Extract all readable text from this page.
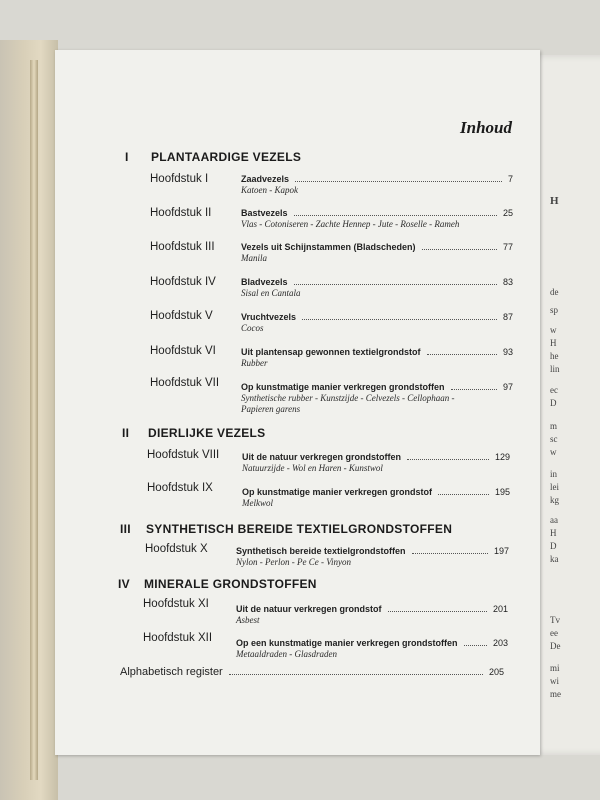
H
de
sp
w
H
he
lin
ec
D
m
sc
w
in
lei
kg
aa
H
D
ka
Tv
ee
De
mi
wi
me
Inhoud
I PLANTAARDIGE VEZELS
Hoofdstuk I	Zaadvezels	7
Katoen - Kapok
Hoofdstuk II	Bastvezels	25
Vlas - Cotoniseren - Zachte Hennep - Jute - Roselle - Rameh
Hoofdstuk III	Vezels uit Schijnstammen (Bladscheden)	77
Manila
Hoofdstuk IV	Bladvezels	83
Sisal en Cantala
Hoofdstuk V	Vruchtvezels	87
Cocos
Hoofdstuk VI	Uit plantensap gewonnen textielgrondstof	93
Rubber
Hoofdstuk VII Op kunstmatige manier verkregen grondstoffen	97
Synthetische rubber - Kunstzijde - Celvezels - Cellophaan -
Papieren garens
II DIERLIJKE VEZELS
Hoofdstuk VIII	Uit de natuur verkregen grondstoffen	129
Natuurzijde - Wol en Haren - Kunstwol
Hoofdstuk IX	Op kunstmatige manier verkregen grondstof	195
Melkwol
III SYNTHETISCH BEREIDE TEXTIELGRONDSTOFFEN
Hoofdstuk X	Synthetisch bereide textielgrondstoffen	197
Nylon - Perlon - Pe Ce - Vinyon
IV MINERALE GRONDSTOFFEN
Hoofdstuk XI	Uit de natuur verkregen grondstof	201
Asbest
Hoofdstuk XII	Op een kunstmatige manier verkregen grondstoffen	203
Metaaldraden - Glasdraden
Alphabetisch register	205
